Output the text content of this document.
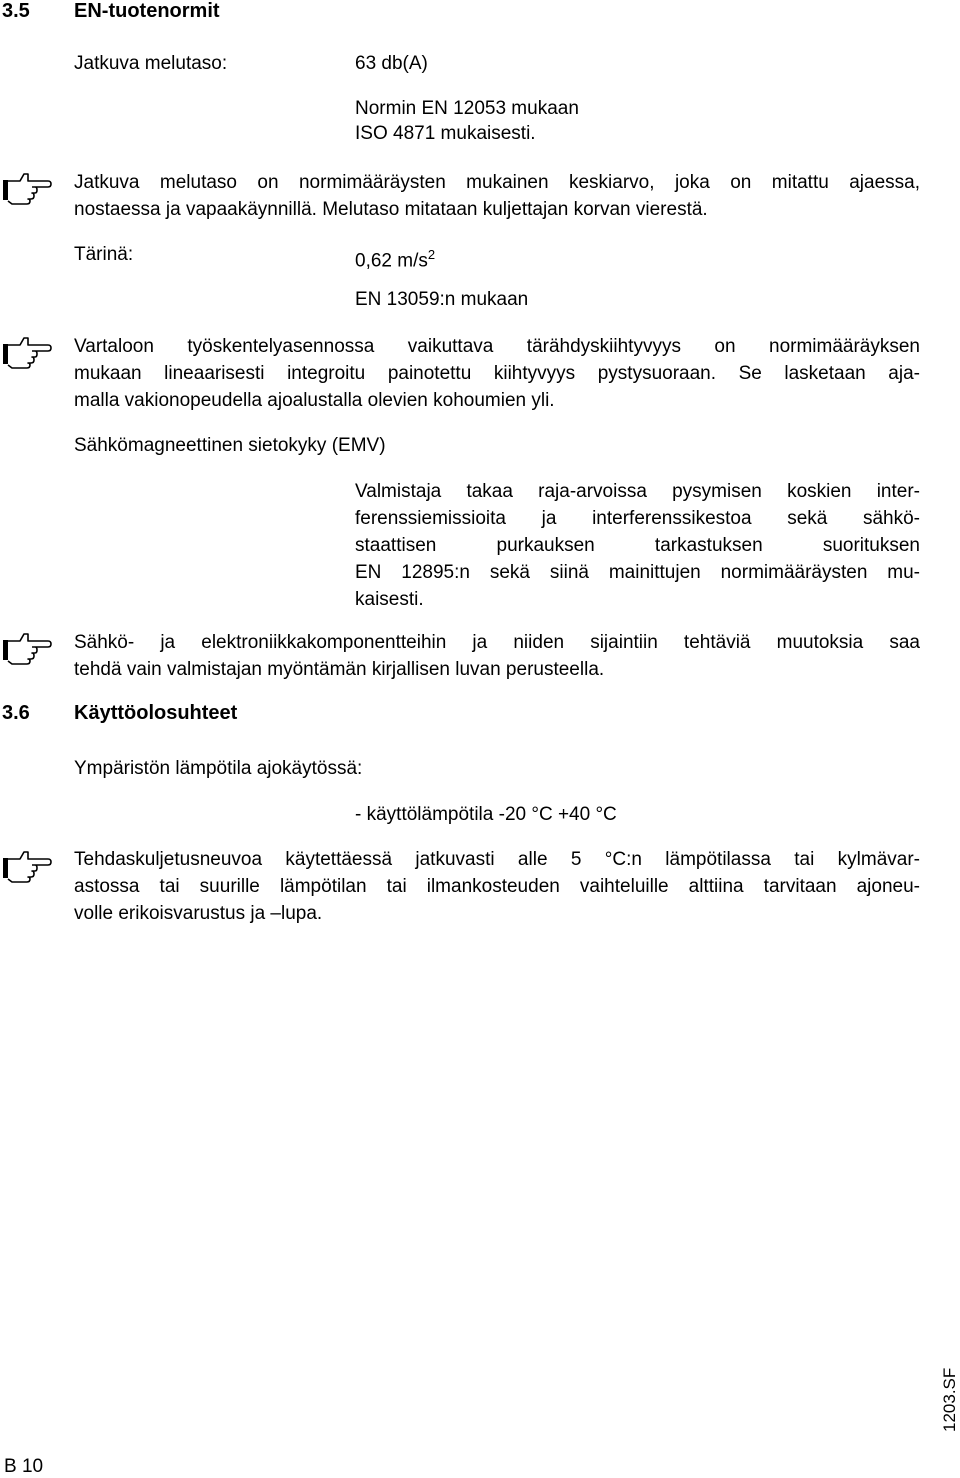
3.5 EN-tuotenormit
Jatkuva melutaso:	63 db(A)
Normin EN 12053 mukaan
ISO 4871 mukaisesti.
Jatkuva melutaso on normimääräysten mukainen keskiarvo, joka on mitattu ajaessa,
nostaessa ja vapaakäynnillä. Melutaso mitataan kuljettajan korvan vierestä.
Tärinä:	0,62 $m/s^2$
EN 13059:n mukaan
Vartaloon työskentelyasennossa vaikuttava tärähdyskiihtyvyys on normimääräyksen
mukaan lineaarisesti integroitu painotettu kiihtyvyys pystysuoraan. Se lasketaan aja-
malla vakionopeudella ajoalustalla olevien kohoumien yli.
Sähkömagneettinen sietokyky (EMV)
Valmistaja takaa raja-arvoissa pysymisen koskien inter-
ferenssiemissioita ja interferenssikestoa sekä sähkö-
staattisen purkauksen tarkastuksen suorituksen
EN 12895:n sekä siinä mainittujen normimääräysten mu-
kaisesti.
Sähkö- ja elektroniikkakomponentteihin ja niiden sijaintiin tehtäviä muutoksia saa
tehdä vain valmistajan myöntämän kirjallisen luvan perusteella.
3.6 Käyttöolosuhteet
Ympäristön lämpötila ajokäytössä:
- käyttölämpötila -20 °C +40 °C
Tehdaskuljetusneuvoa käytettäessä jatkuvasti alle 5 °C:n lämpötilassa tai kylmävar-
astossa tai suurille lämpötilan tai ilmankosteuden vaihteluille alttiina tarvitaan ajoneu-
volle erikoisvarustus ja –lupa.
B 10
1203.SF
